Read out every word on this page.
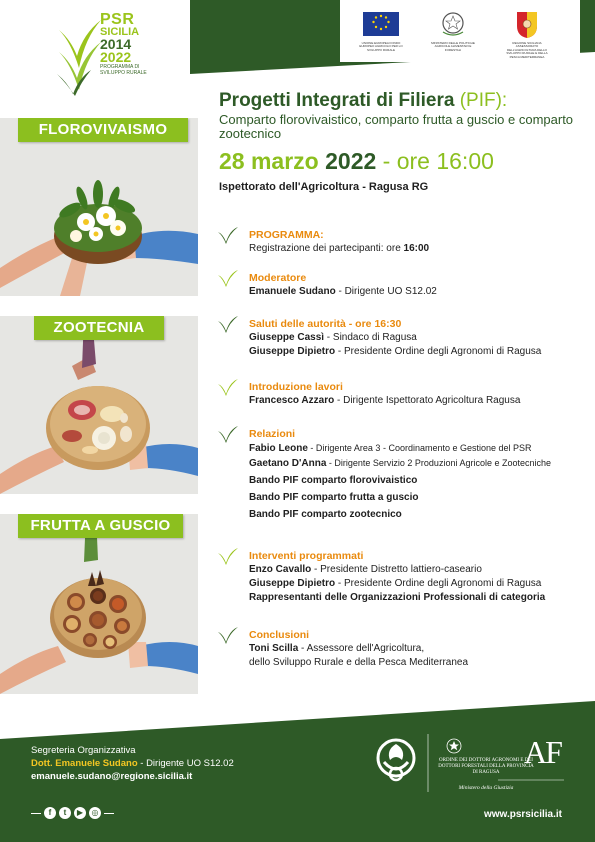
PSR
SICILIA
2014
2022
PROGRAMMA DI SVILUPPO RURALE
UNIONE EUROPEA FONDO EUROPEO AGRICOLO PER LO SVILUPPO RURALE
MINISTERO DELLE POLITICHE AGRICOLE ALIMENTARI E FORESTALI
REGIONE SICILIANA ASSESSORATO DELL'AGRICOLTURA DELLO SVILUPPO RURALE E DELLA PESCA MEDITERRANEA
FLOROVIVAISMO
ZOOTECNIA
FRUTTA A GUSCIO
Progetti Integrati di Filiera (PIF):
Comparto florovivaistico, comparto frutta a guscio e comparto zootecnico
28 marzo 2022 - ore 16:00
Ispettorato dell'Agricoltura - Ragusa RG
PROGRAMMA:
Registrazione dei partecipanti: ore 16:00
Moderatore
Emanuele Sudano - Dirigente UO S12.02
Saluti delle autorità - ore 16:30
Giuseppe Cassì - Sindaco di Ragusa
Giuseppe Dipietro - Presidente Ordine degli Agronomi di Ragusa
Introduzione lavori
Francesco Azzaro - Dirigente Ispettorato Agricoltura Ragusa
Relazioni
Fabio Leone - Dirigente Area 3 - Coordinamento e Gestione del PSR
Gaetano D'Anna - Dirigente Servizio 2 Produzioni Agricole e Zootecniche
Bando PIF comparto florovivaistico
Bando PIF comparto frutta a guscio
Bando PIF comparto zootecnico
Interventi programmati
Enzo Cavallo - Presidente Distretto lattiero-caseario
Giuseppe Dipietro - Presidente Ordine degli Agronomi di Ragusa
Rappresentanti delle Organizzazioni Professionali di categoria
Conclusioni
Toni Scilla - Assessore dell'Agricoltura,
dello Sviluppo Rurale e della Pesca Mediterranea
Segreteria Organizzativa
Dott. Emanuele Sudano - Dirigente UO S12.02
emanuele.sudano@regione.sicilia.it
f	t	▶	◎
ORDINE DEI DOTTORI AGRONOMI E DEI DOTTORI FORESTALI DELLA PROVINCIA DI RAGUSA
Ministero della Giustizia
AF
www.psrsicilia.it
